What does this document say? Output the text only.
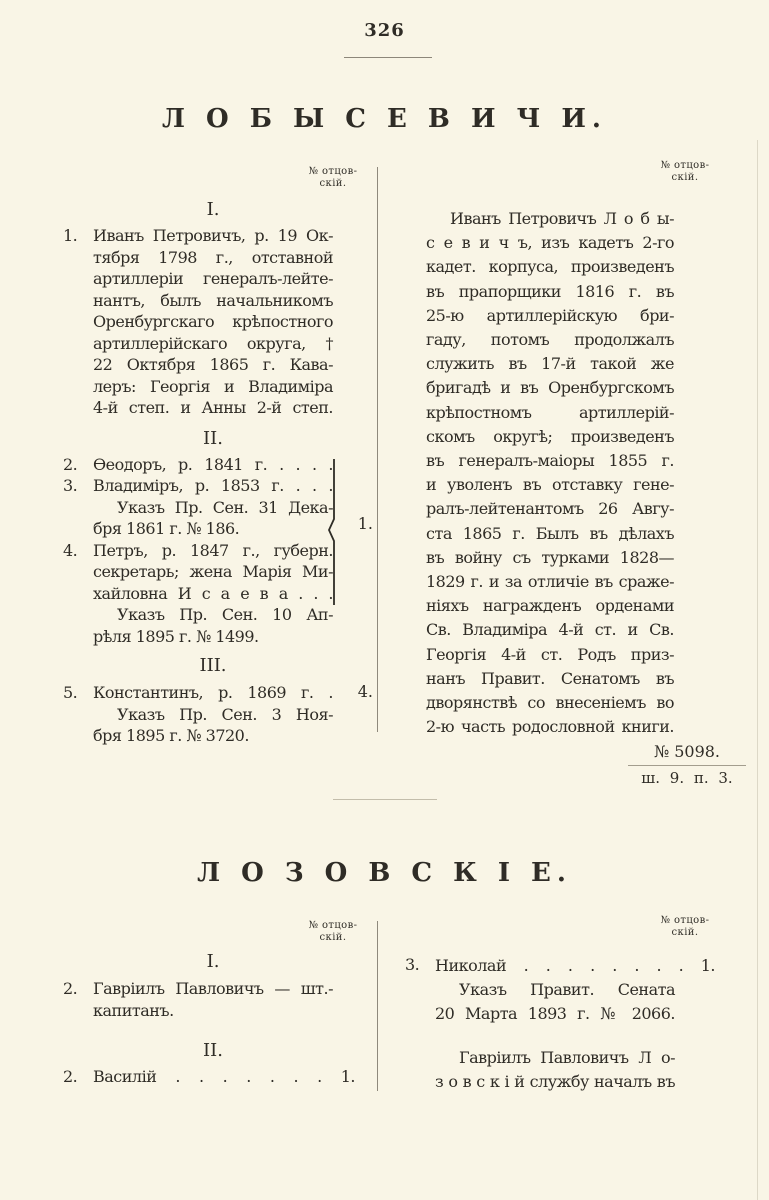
326
Л О Б Ы С Е В И Ч И.
№ отцов-
скій.
№ отцов-
скій.
I.
1. Иванъ Петровичъ, р. 19 Ок-
тября 1798 г., отставной
артиллеріи генералъ-лейте-
нантъ, былъ начальникомъ
Оренбургскаго крѣпостного
артиллерійскаго округа, †
22 Октября 1865 г. Кава-
леръ: Георгія и Владиміра
4-й степ. и Анны 2-й степ.
II.
2. Ѳеодоръ, р. 1841 г. . . . .
3. Владиміръ, р. 1853 г. . . .
Указъ Пр. Сен. 31 Дека-
бря 1861 г. № 186.
4. Петръ, р. 1847 г., губерн.
секретарь; жена Марія Ми-
хайловна И с а е в а . . .
Указъ Пр. Сен. 10 Ап-
рѣля 1895 г. № 1499.
1.
III.
5.	4.
Константинъ, р. 1869 г. .
Указъ Пр. Сен. 3 Ноя-
бря 1895 г. № 3720.
Иванъ Петровичъ Л о б ы-
с е в и ч ъ, изъ кадетъ 2-го
кадет. корпуса, произведенъ
въ прапорщики 1816 г. въ
25-ю артиллерійскую бри-
гаду, потомъ продолжалъ
служить въ 17-й такой же
бригадѣ и въ Оренбургскомъ
крѣпостномъ артиллерій-
скомъ округѣ; произведенъ
въ генералъ-маіоры 1855 г.
и уволенъ въ отставку гене-
ралъ-лейтенантомъ 26 Авгу-
ста 1865 г. Былъ въ дѣлахъ
въ войну съ турками 1828—
1829 г. и за отличіе въ сраже-
ніяхъ награжденъ орденами
Св. Владиміра 4-й ст. и Св.
Георгія 4-й ст. Родъ приз-
нанъ Правит. Сенатомъ въ
дворянствѣ со внесеніемъ во
2-ю часть родословной книги.
№ 5098.
ш. 9. п. 3.
Л О З О В С К І Е.
№ отцов-
скій.
№ отцов-
скій.
I.
2. Гавріилъ Павловичъ — шт.-
капитанъ.
II.
2. Василій . . . . . . . 1.
3. Николай . . . . . . . . 1.
Указъ Правит. Сената
20 Марта 1893 г. № 2066.
Гавріилъ Павловичъ Л о-
з о в с к і й службу началъ въ
